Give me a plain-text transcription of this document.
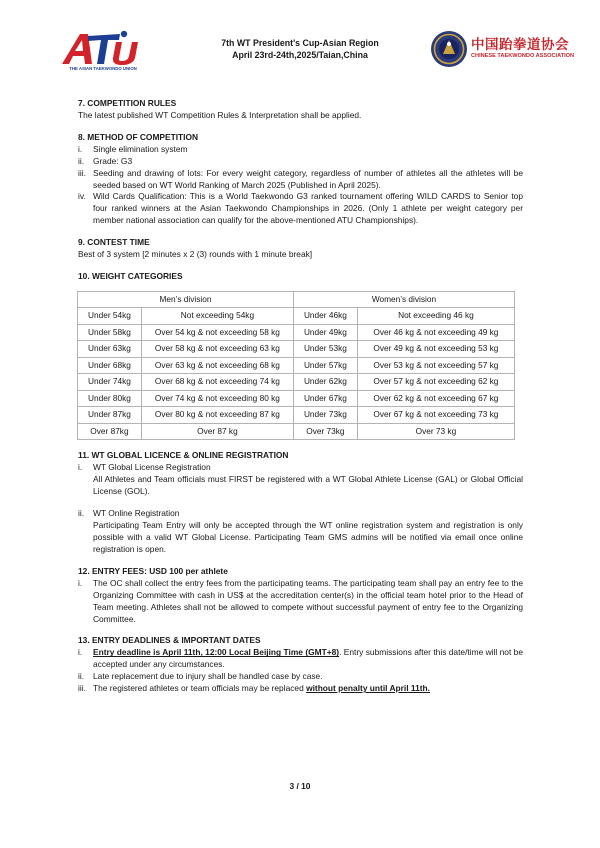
THE ASIAN TAEKWONDO UNION
7th WT President's Cup-Asian Region
April 23rd-24th,2025/Taian,China
中国跆拳道协会
CHINESE TAEKWONDO ASSOCIATION

7. COMPETITION RULES

The latest published WT Competition Rules & Interpretation shall be applied.

8. METHOD OF COMPETITION

i.	Single elimination system
ii.	Grade: G3
iii. Seeding and drawing of lots: For every weight category, regardless of number of athletes all the athletes will be seeded based on WT World Ranking of March 2025 (Published in April 2025).
iv. Wild Cards Qualification: This is a World Taekwondo G3 ranked tournament offering WILD CARDS to Senior top four ranked winners at the Asian Taekwondo Championships in 2026. (Only 1 athlete per weight category per member national association can qualify for the above-mentioned ATU Championships).

9. CONTEST TIME

Best of 3 system [2 minutes x 2 (3) rounds with 1 minute break]

10. WEIGHT CATEGORIES

Men’s division		Women’s division	
Under 54kg	Not exceeding 54kg	Under 46kg	Not exceeding 46 kg
Under 58kg	Over 54 kg & not exceeding 58 kg	Under 49kg	Over 46 kg & not exceeding 49 kg
Under 63kg	Over 58 kg & not exceeding 63 kg	Under 53kg	Over 49 kg & not exceeding 53 kg
Under 68kg	Over 63 kg & not exceeding 68 kg	Under 57kg	Over 53 kg & not exceeding 57 kg
Under 74kg	Over 68 kg & not exceeding 74 kg	Under 62kg	Over 57 kg & not exceeding 62 kg
Under 80kg	Over 74 kg & not exceeding 80 kg	Under 67kg	Over 62 kg & not exceeding 67 kg
Under 87kg	Over 80 kg & not exceeding 87 kg	Under 73kg	Over 67 kg & not exceeding 73 kg
Over 87kg	Over 87 kg	Over 73kg	Over 73 kg

11. WT GLOBAL LICENCE & ONLINE REGISTRATION

i.	WT Global License Registration
All Athletes and Team officials must FIRST be registered with a WT Global Athlete License (GAL) or Global Official License (GOL).
ii.	WT Online Registration
Participating Team Entry will only be accepted through the WT online registration system and registration is only possible with a valid WT Global License. Participating Team GMS admins will be notified via email once online registration is open.

12. ENTRY FEES: USD 100 per athlete

i.	The OC shall collect the entry fees from the participating teams. The participating team shall pay an entry fee to the Organizing Committee with cash in US$ at the accreditation center(s) in the official team hotel prior to the Head of Team meeting. Athletes shall not be allowed to compete without successful payment of entry fee to the Organizing Committee.

13. ENTRY DEADLINES & IMPORTANT DATES

i.	Entry deadline is April 11th, 12:00 Local Beijing Time (GMT+8). Entry submissions after this date/time will not be accepted under any circumstances.
ii.	Late replacement due to injury shall be handled case by case.
iii. The registered athletes or team officials may be replaced without penalty until April 11th.
3 / 10
